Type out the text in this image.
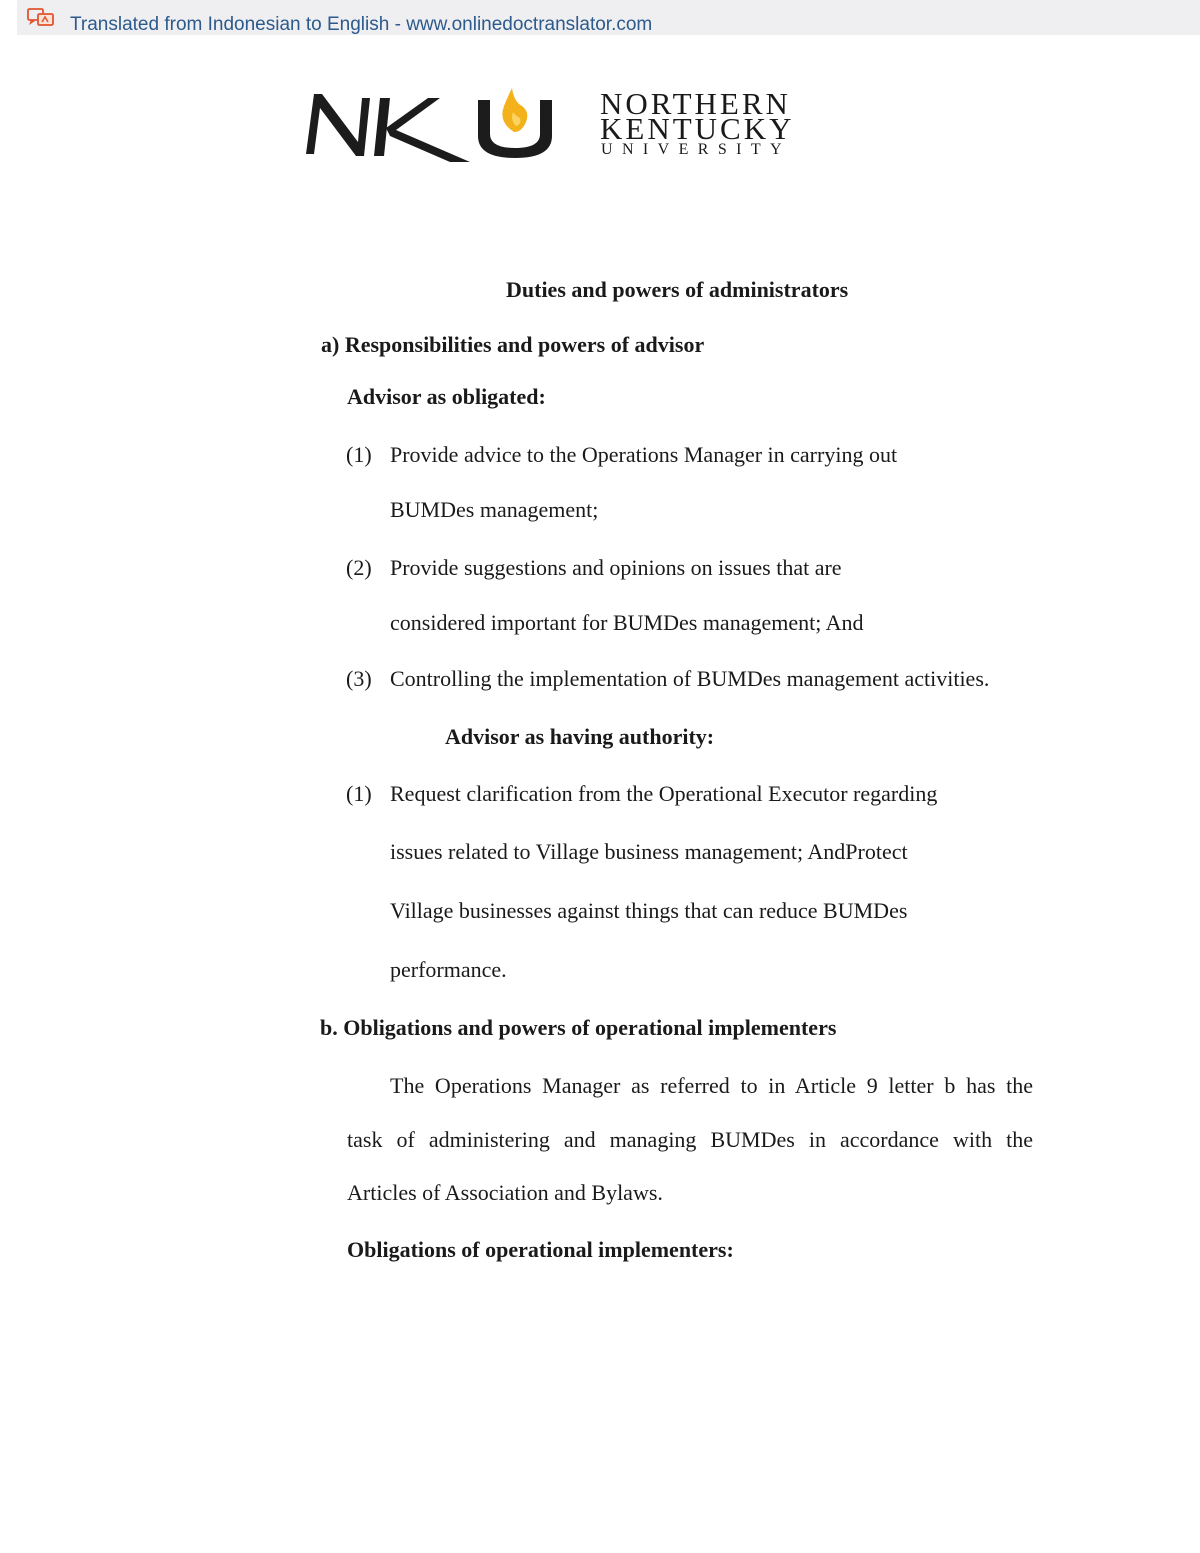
Translated from Indonesian to English - www.onlinedoctranslator.com
NORTHERN
KENTUCKY
UNIVERSITY
Duties and powers of administrators
a) Responsibilities and powers of advisor
Advisor as obligated:
(1) Provide advice to the Operations Manager in carrying out
BUMDes management;
(2) Provide suggestions and opinions on issues that are
considered important for BUMDes management; And
(3) Controlling the implementation of BUMDes management activities.
Advisor as having authority:
(1) Request clarification from the Operational Executor regarding
issues related to Village business management; AndProtect
Village businesses against things that can reduce BUMDes
performance.
b. Obligations and powers of operational implementers
The Operations Manager as referred to in Article 9 letter b has the
task of administering and managing BUMDes in accordance with the
Articles of Association and Bylaws.
Obligations of operational implementers:
